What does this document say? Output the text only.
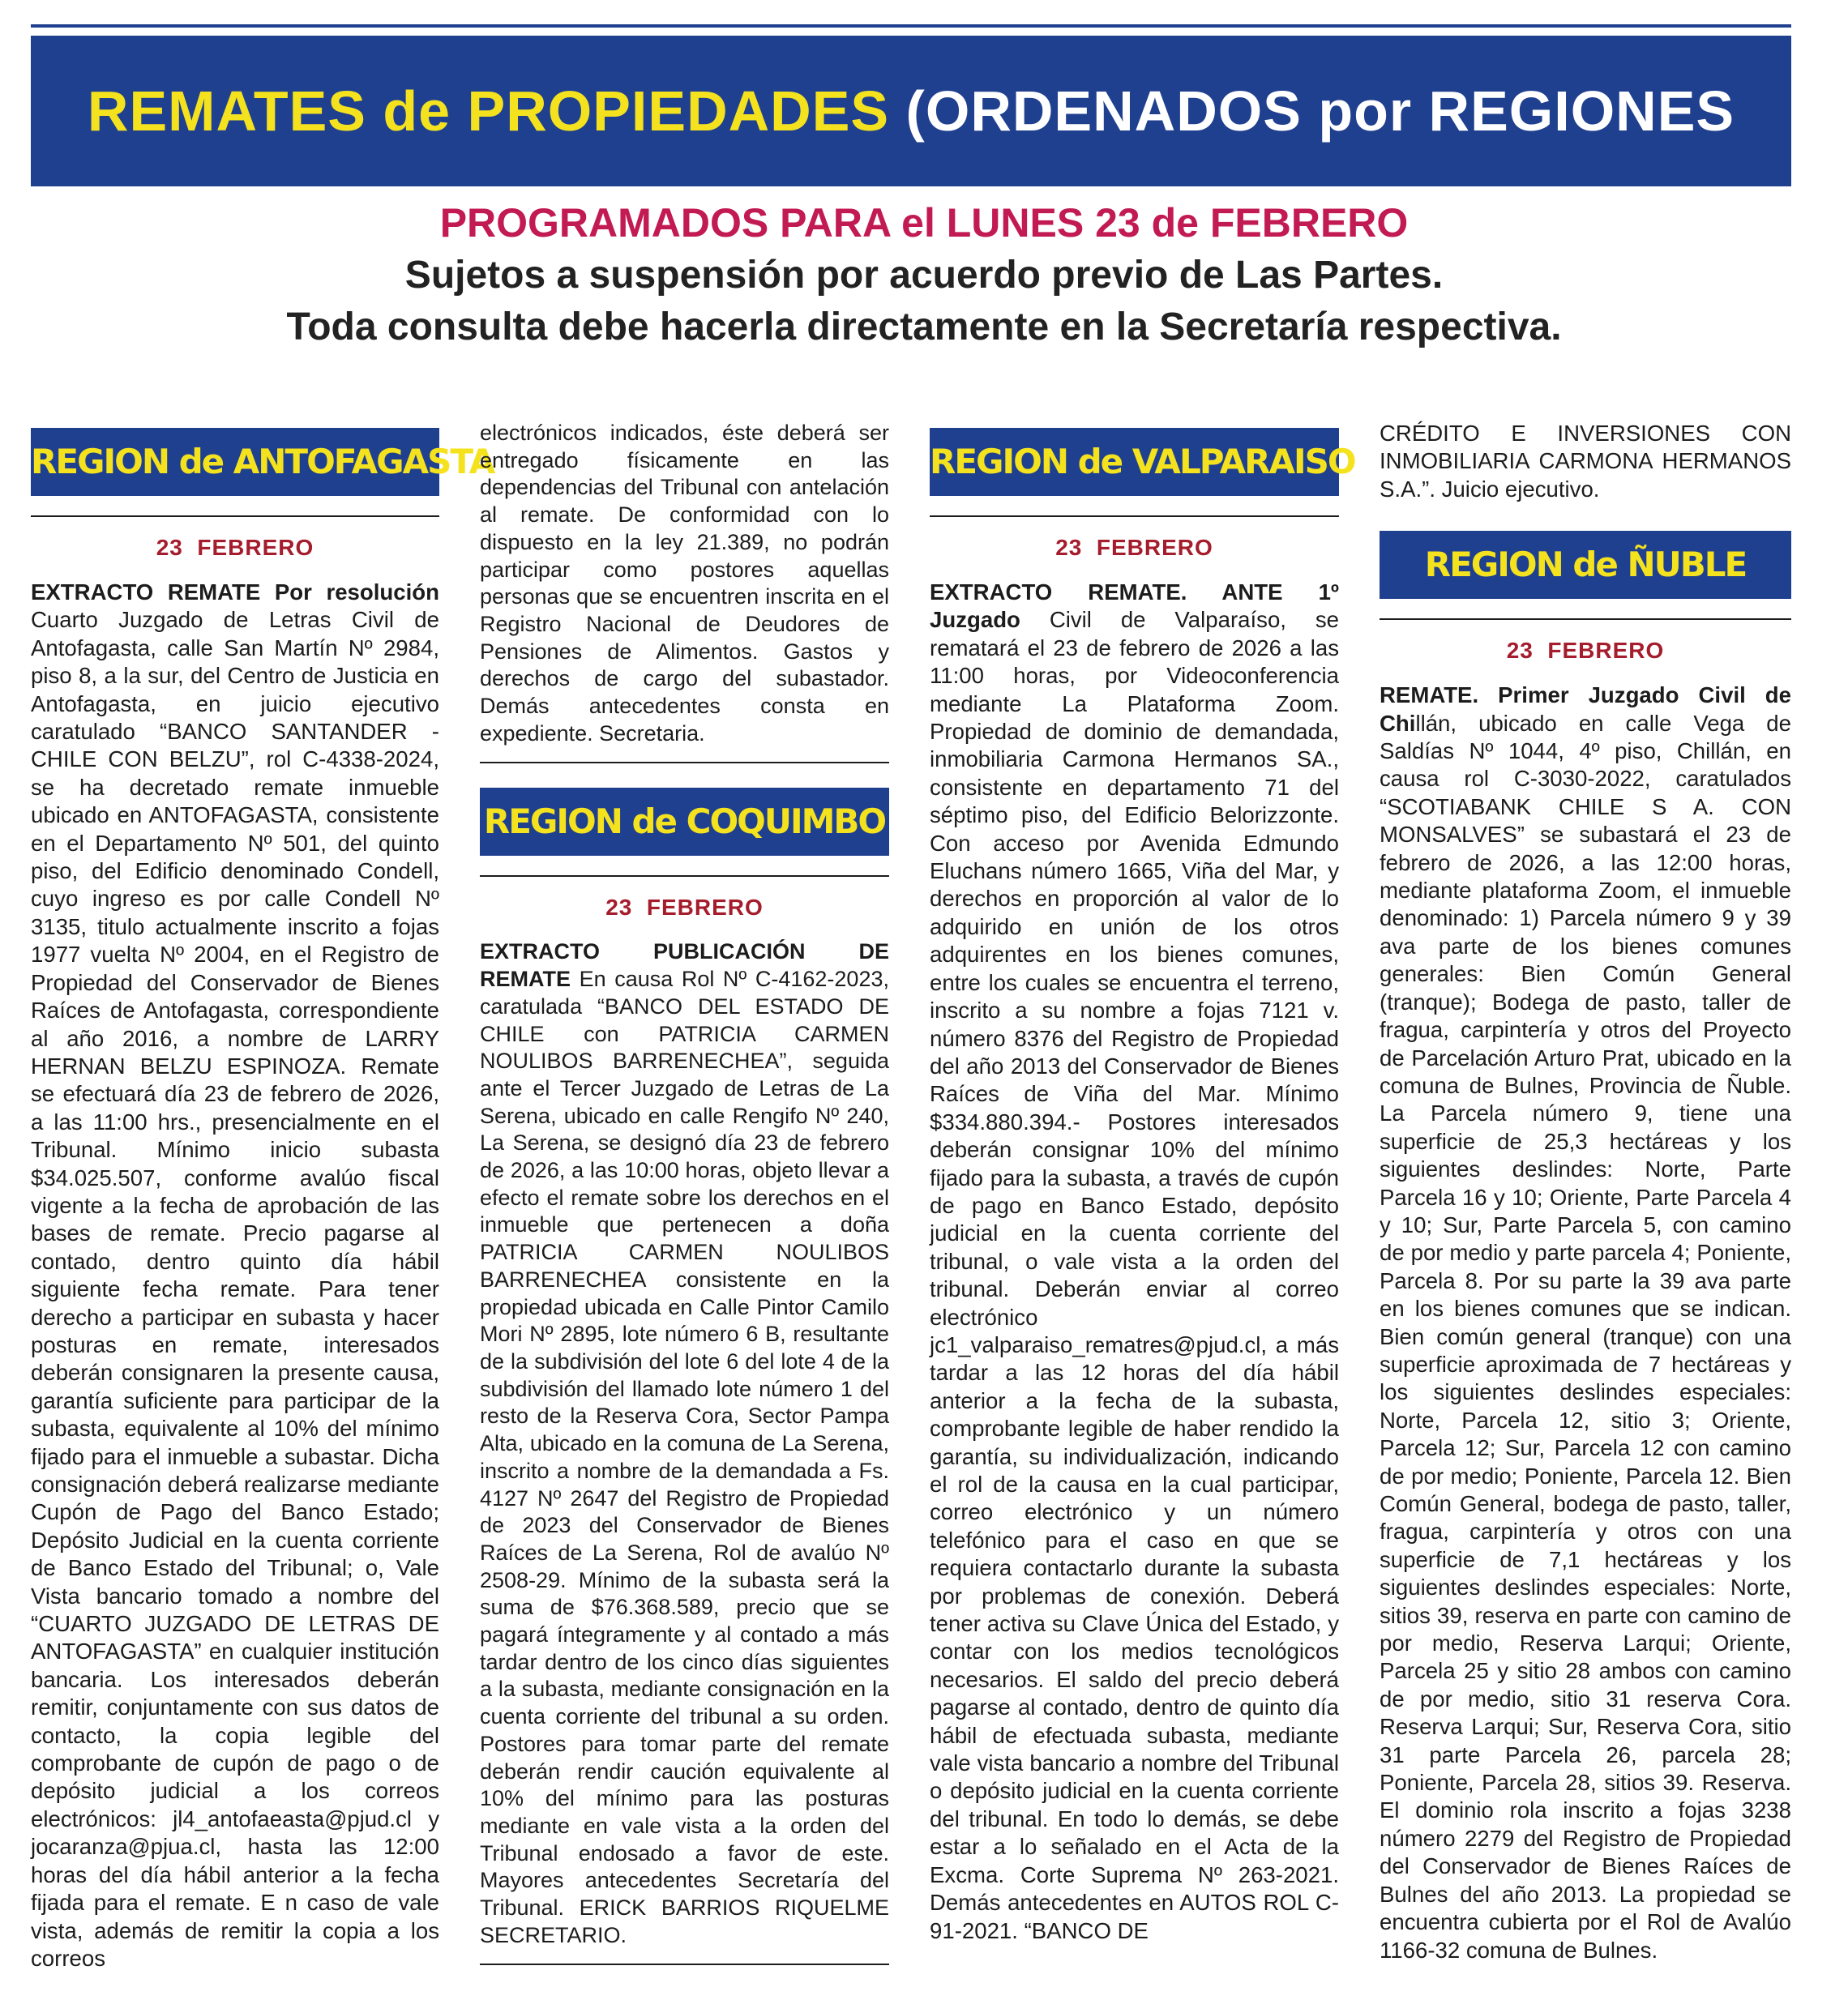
REMATES de PROPIEDADES (ORDENADOS por REGIONES
PROGRAMADOS PARA el LUNES 23 de FEBRERO
Sujetos a suspensión por acuerdo previo de Las Partes.
Toda consulta debe hacerla directamente en la Secretaría respectiva.
REGION de ANTOFAGASTA
23  FEBRERO
EXTRACTO REMATE Por resolución Cuarto Juzgado de Letras Civil de Antofagasta, calle San Martín Nº 2984, piso 8, a la sur, del Centro de Justicia en Antofagasta, en juicio ejecutivo caratulado “BANCO SANTANDER - CHILE CON BELZU”, rol C-4338-2024, se ha decretado remate inmueble ubicado en ANTOFAGASTA, consistente en el Departamento Nº 501, del quinto piso, del Edificio denominado Condell, cuyo ingreso es por calle Condell Nº 3135, titulo actualmente inscrito a fojas 1977 vuelta Nº 2004, en el Registro de Propiedad del Conservador de Bienes Raíces de Antofagasta, correspondiente al año 2016, a nombre de LARRY HERNAN BELZU ESPINOZA. Remate se efectuará día 23 de febrero de 2026, a las 11:00 hrs., presencialmente en el Tribunal. Mínimo inicio subasta $34.025.507, conforme avalúo fiscal vigente a la fecha de aprobación de las bases de remate. Precio pagarse al contado, dentro quinto día hábil siguiente fecha remate. Para tener derecho a participar en subasta y hacer posturas en remate, interesados deberán consignaren la presente causa, garantía suficiente para participar de la subasta, equivalente al 10% del mínimo fijado para el inmueble a subastar. Dicha consignación deberá realizarse mediante Cupón de Pago del Banco Estado; Depósito Judicial en la cuenta corriente de Banco Estado del Tribunal; o, Vale Vista bancario tomado a nombre del “CUARTO JUZGADO DE LETRAS DE ANTOFAGASTA” en cualquier institución bancaria. Los interesados deberán remitir, conjuntamente con sus datos de contacto, la copia legible del comprobante de cupón de pago o de depósito judicial a los correos electrónicos: jl4_antofaeasta@pjud.cl y jocaranza@pjua.cl, hasta las 12:00 horas del día hábil anterior a la fecha fijada para el remate. E n caso de vale vista, además de remitir la copia a los correos
electrónicos indicados, éste deberá ser entregado físicamente en las dependencias del Tribunal con antelación al remate. De conformidad con lo dispuesto en la ley 21.389, no podrán participar como postores aquellas personas que se encuentren inscrita en el Registro Nacional de Deudores de Pensiones de Alimentos. Gastos y derechos de cargo del subastador. Demás antecedentes consta en expediente. Secretaria.
REGION de COQUIMBO
23  FEBRERO
EXTRACTO PUBLICACIÓN DE REMATE En causa Rol Nº C-4162-2023, caratulada “BANCO DEL ESTADO DE CHILE con PATRICIA CARMEN NOULIBOS BARRENECHEA”, seguida ante el Tercer Juzgado de Letras de La Serena, ubicado en calle Rengifo Nº 240, La Serena, se designó día 23 de febrero de 2026, a las 10:00 horas, objeto llevar a efecto el remate sobre los derechos en el inmueble que pertenecen a doña PATRICIA CARMEN NOULIBOS BARRENECHEA consistente en la propiedad ubicada en Calle Pintor Camilo Mori Nº 2895, lote número 6 B, resultante de la subdivisión del lote 6 del lote 4 de la subdivisión del llamado lote número 1 del resto de la Reserva Cora, Sector Pampa Alta, ubicado en la comuna de La Serena, inscrito a nombre de la demandada a Fs. 4127 Nº 2647 del Registro de Propiedad de 2023 del Conservador de Bienes Raíces de La Serena, Rol de avalúo Nº 2508-29. Mínimo de la subasta será la suma de $76.368.589, precio que se pagará íntegramente y al contado a más tardar dentro de los cinco días siguientes a la subasta, mediante consignación en la cuenta corriente del tribunal a su orden. Postores para tomar parte del remate deberán rendir caución equivalente al 10% del mínimo para las posturas mediante en vale vista a la orden del Tribunal endosado a favor de este. Mayores antecedentes Secretaría del Tribunal. ERICK BARRIOS RIQUELME SECRETARIO.
REGION de VALPARAISO
23  FEBRERO
EXTRACTO REMATE. ANTE 1º Juzgado Civil de Valparaíso, se rematará el 23 de febrero de 2026 a las 11:00 horas, por Videoconferencia mediante La Plataforma Zoom. Propiedad de dominio de demandada, inmobiliaria Carmona Hermanos SA., consistente en departamento 71 del séptimo piso, del Edificio Belorizzonte. Con acceso por Avenida Edmundo Eluchans número 1665, Viña del Mar, y derechos en proporción al valor de lo adquirido en unión de los otros adquirentes en los bienes comunes, entre los cuales se encuentra el terreno, inscrito a su nombre a fojas 7121 v. número 8376 del Registro de Propiedad del año 2013 del Conservador de Bienes Raíces de Viña del Mar. Mínimo $334.880.394.- Postores interesados deberán consignar 10% del mínimo fijado para la subasta, a través de cupón de pago en Banco Estado, depósito judicial en la cuenta corriente del tribunal, o vale vista a la orden del tribunal. Deberán enviar al correo electrónico jc1_valparaiso_rematres@pjud.cl, a más tardar a las 12 horas del día hábil anterior a la fecha de la subasta, comprobante legible de haber rendido la garantía, su individualización, indicando el rol de la causa en la cual participar, correo electrónico y un número telefónico para el caso en que se requiera contactarlo durante la subasta por problemas de conexión. Deberá tener activa su Clave Única del Estado, y contar con los medios tecnológicos necesarios. El saldo del precio deberá pagarse al contado, dentro de quinto día hábil de efectuada subasta, mediante vale vista bancario a nombre del Tribunal o depósito judicial en la cuenta corriente del tribunal. En todo lo demás, se debe estar a lo señalado en el Acta de la Excma. Corte Suprema Nº 263-2021. Demás antecedentes en AUTOS ROL C-91-2021. “BANCO DE
CRÉDITO E INVERSIONES CON INMOBILIARIA CARMONA HERMANOS S.A.”. Juicio ejecutivo.
REGION de ÑUBLE
23  FEBRERO
REMATE. Primer Juzgado Civil de Chillán, ubicado en calle Vega de Saldías Nº 1044, 4º piso, Chillán, en causa rol C-3030-2022, caratulados “SCOTIABANK CHILE S A. CON MONSALVES” se subastará el 23 de febrero de 2026, a las 12:00 horas, mediante plataforma Zoom, el inmueble denominado: 1) Parcela número 9 y 39 ava parte de los bienes comunes generales: Bien Común General (tranque); Bodega de pasto, taller de fragua, carpintería y otros del Proyecto de Parcelación Arturo Prat, ubicado en la comuna de Bulnes, Provincia de Ñuble. La Parcela número 9, tiene una superficie de 25,3 hectáreas y los siguientes deslindes: Norte, Parte Parcela 16 y 10; Oriente, Parte Parcela 4 y 10; Sur, Parte Parcela 5, con camino de por medio y parte parcela 4; Poniente, Parcela 8. Por su parte la 39 ava parte en los bienes comunes que se indican. Bien común general (tranque) con una superficie aproximada de 7 hectáreas y los siguientes deslindes especiales: Norte, Parcela 12, sitio 3; Oriente, Parcela 12; Sur, Parcela 12 con camino de por medio; Poniente, Parcela 12. Bien Común General, bodega de pasto, taller, fragua, carpintería y otros con una superficie de 7,1 hectáreas y los siguientes deslindes especiales: Norte, sitios 39, reserva en parte con camino de por medio, Reserva Larqui; Oriente, Parcela 25 y sitio 28 ambos con camino de por medio, sitio 31 reserva Cora. Reserva Larqui; Sur, Reserva Cora, sitio 31 parte Parcela 26, parcela 28; Poniente, Parcela 28, sitios 39. Reserva. El dominio rola inscrito a fojas 3238 número 2279 del Registro de Propiedad del Conservador de Bienes Raíces de Bulnes del año 2013. La propiedad se encuentra cubierta por el Rol de Avalúo 1166-32 comuna de Bulnes.
